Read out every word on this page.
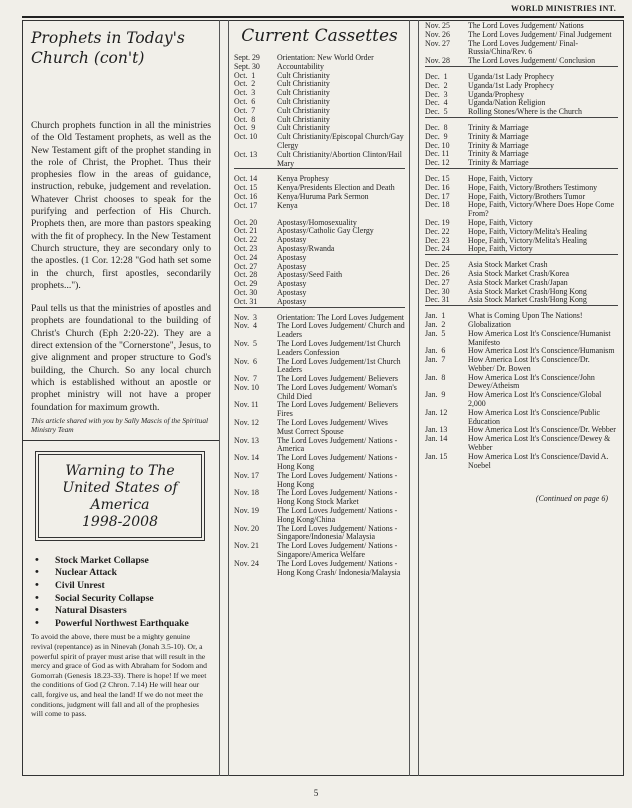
WORLD MINISTRIES INT.
Prophets in Today's
Church (con't)

Church prophets function in all the ministries of the Old Testament prophets, as well as the New Testament gift of the prophet standing in the role of Christ, the Prophet. Thus their prophesies flow in the areas of guidance, instruction, rebuke, judgement and revelation. Whatever Christ chooses to speak for the purifying and perfection of His Church. Prophets then, are more than pastors speaking with the fit of prophecy. In the New Testament Church structure, they are secondary only to the apostles. (1 Cor. 12:28 "God hath set some in the church, first apostles, secondarily prophets...").

Paul tells us that the ministries of apostles and prophets are foundational to the building of Christ's Church (Eph 2:20-22). They are a direct extension of the "Cornerstone", Jesus, to give alignment and proper structure to God's building, the Church. So any local church which is established without an apostle or prophet ministry will not have a proper foundation for maximum growth.

This article shared with you by Sally Mascis of the Spiritual Ministry Team
Warning to The
United States of
America
1998-2008
• Stock Market Collapse
• Nuclear Attack
• Civil Unrest
• Social Security Collapse
• Natural Disasters
• Powerful Northwest Earthquake
To avoid the above, there must be a mighty genuine revival (repentance) as in Ninevah (Jonah 3.5-10). Or, a powerful spirit of prayer must arise that will result in the mercy and grace of God as with Abraham for Sodom and Gomorrah (Genesis 18.23-33). There is hope! If we meet the conditions of God (2 Chron. 7.14) He will hear our call, forgive us, and heal the land! If we do not meet the conditions, judgment will fall and all of the prophesies will come to pass.
Current Cassettes
Sept. 29	Orientation: New World Order
Sept. 30	Accountability
Oct.  1	Cult Christianity
Oct.  2	Cult Christianity
Oct.  3	Cult Christianity
Oct.  6	Cult Christianity
Oct.  7	Cult Christianity
Oct.  8	Cult Christianity
Oct.  9	Cult Christianity
Oct. 10	Cult Christianity/Episcopal Church/Gay Clergy
Oct. 13	Cult Christianity/Abortion Clinton/Hail Mary

Oct. 14	Kenya Prophesy
Oct. 15	Kenya/Presidents Election and Death
Oct. 16	Kenya/Huruma Park Sermon
Oct. 17	Kenya

Oct. 20	Apostasy/Homosexuality
Oct. 21	Apostasy/Catholic Gay Clergy
Oct. 22	Apostasy
Oct. 23	Apostasy/Rwanda
Oct. 24	Apostasy
Oct. 27	Apostasy
Oct. 28	Apostasy/Seed Faith
Oct. 29	Apostasy
Oct. 30	Apostasy
Oct. 31	Apostasy

Nov.  3	Orientation: The Lord Loves Judgement
Nov.  4	The Lord Loves Judgement/ Church and Leaders
Nov.  5	The Lord Loves Judgement/1st Church Leaders Confession
Nov.  6	The Lord Loves Judgement/1st Church Leaders
Nov.  7	The Lord Loves Judgement/ Believers
Nov. 10	The Lord Loves Judgement/ Woman's Child Died
Nov. 11	The Lord Loves Judgement/ Believers Fires
Nov. 12	The Lord Loves Judgement/ Wives Must Correct Spouse
Nov. 13	The Lord Loves Judgement/ Nations - America
Nov. 14	The Lord Loves Judgement/ Nations - Hong Kong
Nov. 17	The Lord Loves Judgement/ Nations - Hong Kong
Nov. 18	The Lord Loves Judgement/ Nations - Hong Kong Stock Market
Nov. 19	The Lord Loves Judgement/ Nations - Hong Kong/China
Nov. 20	The Lord Loves Judgement/ Nations - Singapore/Indonesia/ Malaysia
Nov. 21	The Lord Loves Judgement/ Nations - Singapore/America Welfare
Nov. 24	The Lord Loves Judgement/ Nations - Hong Kong Crash/ Indonesia/Malaysia
Nov. 25	The Lord Loves Judgement/ Nations
Nov. 26	The Lord Loves Judgement/ Final Judgement
Nov. 27	The Lord Loves Judgement/ Final- Russia/China/Rev. 6
Nov. 28	The Lord Loves Judgement/ Conclusion

Dec.  1	Uganda/1st Lady Prophecy
Dec.  2	Uganda/1st Lady Prophecy
Dec.  3	Uganda/Prophesy
Dec.  4	Uganda/Nation Religion
Dec.  5	Rolling Stones/Where is the Church

Dec.  8	Trinity & Marriage
Dec.  9	Trinity & Marriage
Dec. 10	Trinity & Marriage
Dec. 11	Trinity & Marriage
Dec. 12	Trinity & Marriage

Dec. 15	Hope, Faith, Victory
Dec. 16	Hope, Faith, Victory/Brothers Testimony
Dec. 17	Hope, Faith, Victory/Brothers Tumor
Dec. 18	Hope, Faith, Victory/Where Does Hope Come From?
Dec. 19	Hope, Faith, Victory
Dec. 22	Hope, Faith, Victory/Melita's Healing
Dec. 23	Hope, Faith, Victory/Melita's Healing
Dec. 24	Hope, Faith, Victory

Dec. 25	Asia Stock Market Crash
Dec. 26	Asia Stock Market Crash/Korea
Dec. 27	Asia Stock Market Crash/Japan
Dec. 30	Asia Stock Market Crash/Hong Kong
Dec. 31	Asia Stock Market Crash/Hong Kong

Jan.  1	What is Coming Upon The Nations!
Jan.  2	Globalization
Jan.  5	How America Lost It's Conscience/Humanist Manifesto
Jan.  6	How America Lost It's Conscience/Humanism
Jan.  7	How America Lost It's Conscience/Dr. Webber/ Dr. Bowen
Jan.  8	How America Lost It's Conscience/John Dewey/Atheism
Jan.  9	How America Lost It's Conscience/Global 2,000
Jan. 12	How America Lost It's Conscience/Public Education
Jan. 13	How America Lost It's Conscience/Dr. Webber
Jan. 14	How America Lost It's Conscience/Dewey & Webber
Jan. 15	How America Lost It's Conscience/David A. Noebel
(Continued on page 6)
5
